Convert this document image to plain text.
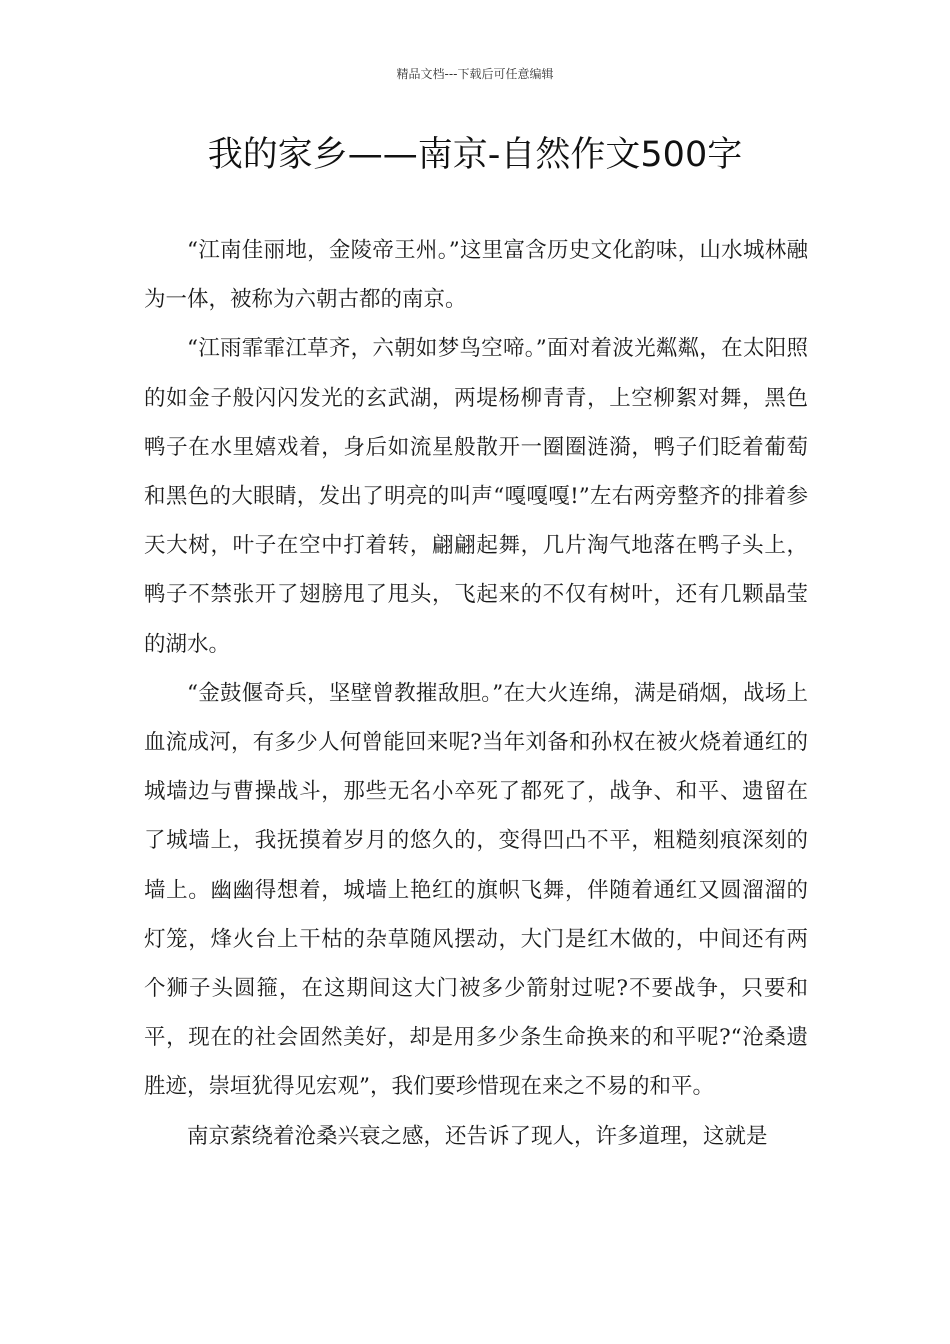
精品文档---下载后可任意编辑
我的家乡——南京-自然作文500字

“江南佳丽地，金陵帝王州。”这里富含历史文化韵味，山水城林融为一体，被称为六朝古都的南京。

“江雨霏霏江草齐，六朝如梦鸟空啼。”面对着波光粼粼，在太阳照的如金子般闪闪发光的玄武湖，两堤杨柳青青，上空柳絮对舞，黑色鸭子在水里嬉戏着，身后如流星般散开一圈圈涟漪，鸭子们眨着葡萄和黑色的大眼睛，发出了明亮的叫声“嘎嘎嘎!”左右两旁整齐的排着参天大树，叶子在空中打着转，翩翩起舞，几片淘气地落在鸭子头上，鸭子不禁张开了翅膀甩了甩头，飞起来的不仅有树叶，还有几颗晶莹的湖水。

“金鼓偃奇兵，坚壁曾教摧敌胆。”在大火连绵，满是硝烟，战场上血流成河，有多少人何曾能回来呢?当年刘备和孙权在被火烧着通红的城墙边与曹操战斗，那些无名小卒死了都死了，战争、和平、遗留在了城墙上，我抚摸着岁月的悠久的，变得凹凸不平，粗糙刻痕深刻的墙上。幽幽得想着，城墙上艳红的旗帜飞舞，伴随着通红又圆溜溜的灯笼，烽火台上干枯的杂草随风摆动，大门是红木做的，中间还有两个狮子头圆箍，在这期间这大门被多少箭射过呢?不要战争，只要和平，现在的社会固然美好，却是用多少条生命换来的和平呢?“沧桑遗胜迹，崇垣犹得见宏观”，我们要珍惜现在来之不易的和平。

南京萦绕着沧桑兴衰之感，还告诉了现人，许多道理，这就是
